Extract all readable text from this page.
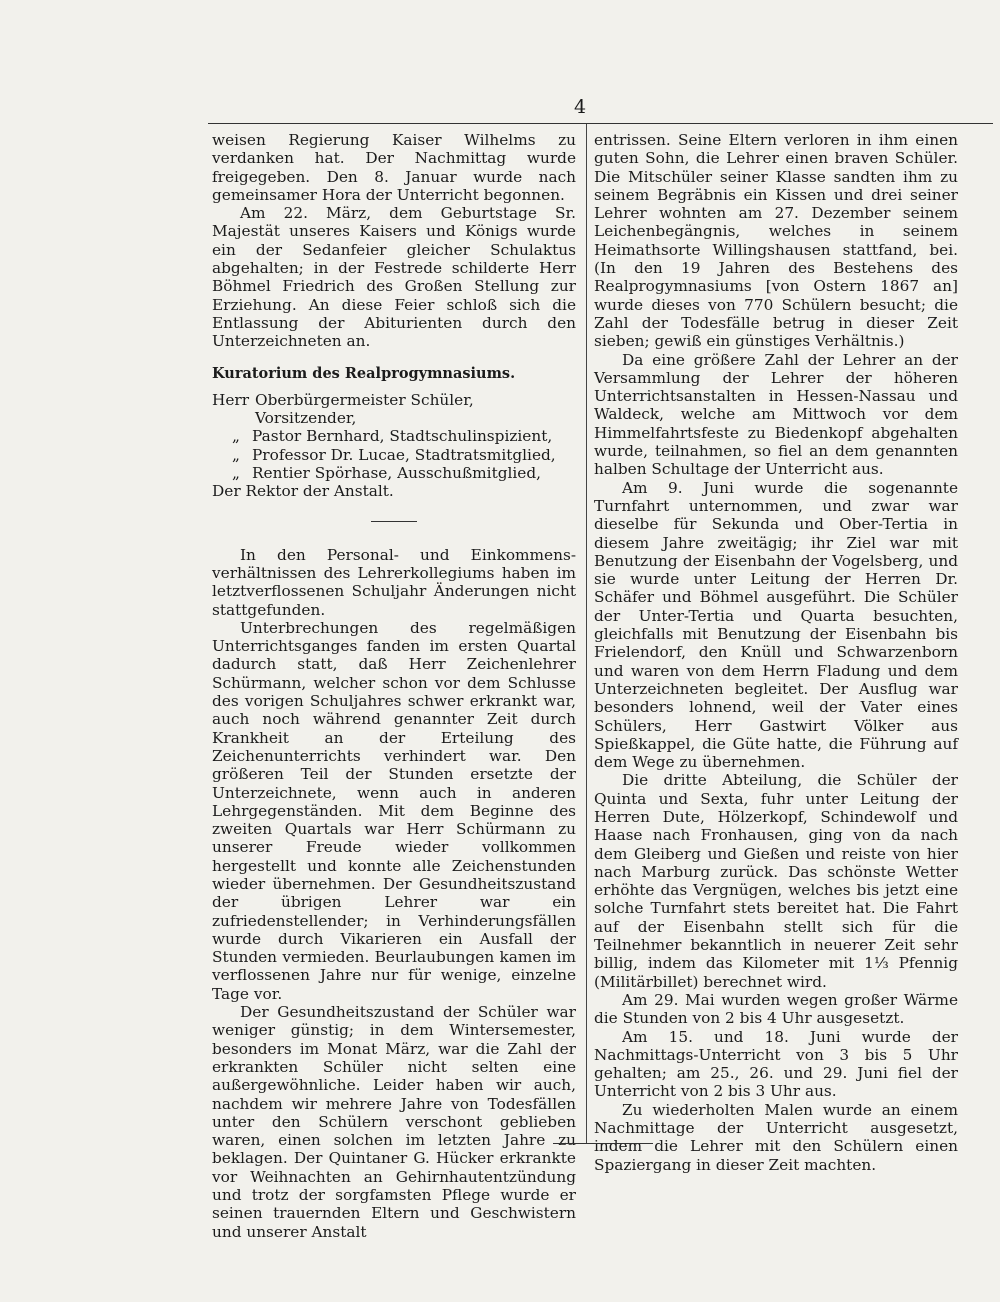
4

weisen Regierung Kaiser Wilhelms zu verdanken hat. Der Nachmittag wurde freigegeben. Den 8. Januar wurde nach gemeinsamer Hora der Unterricht begonnen.

Am 22. März, dem Geburtstage Sr. Majestät unseres Kaisers und Königs wurde ein der Sedanfeier gleicher Schulaktus abgehalten; in der Festrede schilderte Herr Böhmel Friedrich des Großen Stellung zur Erziehung. An diese Feier schloß sich die Entlassung der Abiturienten durch den Unterzeichneten an.

Kuratorium des Realprogymnasiums.

Herr Oberbürgermeister Schüler, Vorsitzender,
„ Pastor Bernhard, Stadtschulinspizient,
„ Professor Dr. Lucae, Stadtratsmitglied,
„ Rentier Spörhase, Ausschußmitglied,
Der Rektor der Anstalt.

In den Personal- und Einkommens-verhältnissen des Lehrerkollegiums haben im letztverflossenen Schuljahr Änderungen nicht stattgefunden.

Unterbrechungen des regelmäßigen Unterrichtsganges fanden im ersten Quartal dadurch statt, daß Herr Zeichenlehrer Schürmann, welcher schon vor dem Schlusse des vorigen Schuljahres schwer erkrankt war, auch noch während genannter Zeit durch Krankheit an der Erteilung des Zeichenunterrichts verhindert war. Den größeren Teil der Stunden ersetzte der Unterzeichnete, wenn auch in anderen Lehrgegenständen. Mit dem Beginne des zweiten Quartals war Herr Schürmann zu unserer Freude wieder vollkommen hergestellt und konnte alle Zeichenstunden wieder übernehmen. Der Gesundheitszustand der übrigen Lehrer war ein zufriedenstellender; in Verhinderungsfällen wurde durch Vikarieren ein Ausfall der Stunden vermieden. Beurlaubungen kamen im verflossenen Jahre nur für wenige, einzelne Tage vor.

Der Gesundheitszustand der Schüler war weniger günstig; in dem Wintersemester, besonders im Monat März, war die Zahl der erkrankten Schüler nicht selten eine außergewöhnliche. Leider haben wir auch, nachdem wir mehrere Jahre von Todesfällen unter den Schülern verschont geblieben waren, einen solchen im letzten Jahre zu beklagen. Der Quintaner G. Hücker erkrankte vor Weihnachten an Gehirnhautentzündung und trotz der sorgfamsten Pflege wurde er seinen trauernden Eltern und Geschwistern und unserer Anstalt

entrissen. Seine Eltern verloren in ihm einen guten Sohn, die Lehrer einen braven Schüler. Die Mitschüler seiner Klasse sandten ihm zu seinem Begräbnis ein Kissen und drei seiner Lehrer wohnten am 27. Dezember seinem Leichenbegängnis, welches in seinem Heimathsorte Willingshausen stattfand, bei. (In den 19 Jahren des Bestehens des Realprogymnasiums [von Ostern 1867 an] wurde dieses von 770 Schülern besucht; die Zahl der Todesfälle betrug in dieser Zeit sieben; gewiß ein günstiges Verhältnis.)

Da eine größere Zahl der Lehrer an der Versammlung der Lehrer der höheren Unterrichtsanstalten in Hessen-Nassau und Waldeck, welche am Mittwoch vor dem Himmelfahrtsfeste zu Biedenkopf abgehalten wurde, teilnahmen, so fiel an dem genannten halben Schultage der Unterricht aus.

Am 9. Juni wurde die sogenannte Turnfahrt unternommen, und zwar war dieselbe für Sekunda und Ober-Tertia in diesem Jahre zweitägig; ihr Ziel war mit Benutzung der Eisenbahn der Vogelsberg, und sie wurde unter Leitung der Herren Dr. Schäfer und Böhmel ausgeführt. Die Schüler der Unter-Tertia und Quarta besuchten, gleichfalls mit Benutzung der Eisenbahn bis Frielendorf, den Knüll und Schwarzenborn und waren von dem Herrn Fladung und dem Unterzeichneten begleitet. Der Ausflug war besonders lohnend, weil der Vater eines Schülers, Herr Gastwirt Völker aus Spießkappel, die Güte hatte, die Führung auf dem Wege zu übernehmen.

Die dritte Abteilung, die Schüler der Quinta und Sexta, fuhr unter Leitung der Herren Dute, Hölzerkopf, Schindewolf und Haase nach Fronhausen, ging von da nach dem Gleiberg und Gießen und reiste von hier nach Marburg zurück. Das schönste Wetter erhöhte das Vergnügen, welches bis jetzt eine solche Turnfahrt stets bereitet hat. Die Fahrt auf der Eisenbahn stellt sich für die Teilnehmer bekanntlich in neuerer Zeit sehr billig, indem das Kilometer mit 1⅓ Pfennig (Militärbillet) berechnet wird.

Am 29. Mai wurden wegen großer Wärme die Stunden von 2 bis 4 Uhr ausgesetzt.

Am 15. und 18. Juni wurde der Nachmittags-Unterricht von 3 bis 5 Uhr gehalten; am 25., 26. und 29. Juni fiel der Unterricht von 2 bis 3 Uhr aus.

Zu wiederholten Malen wurde an einem Nachmittage der Unterricht ausgesetzt, indem die Lehrer mit den Schülern einen Spaziergang in dieser Zeit machten.
